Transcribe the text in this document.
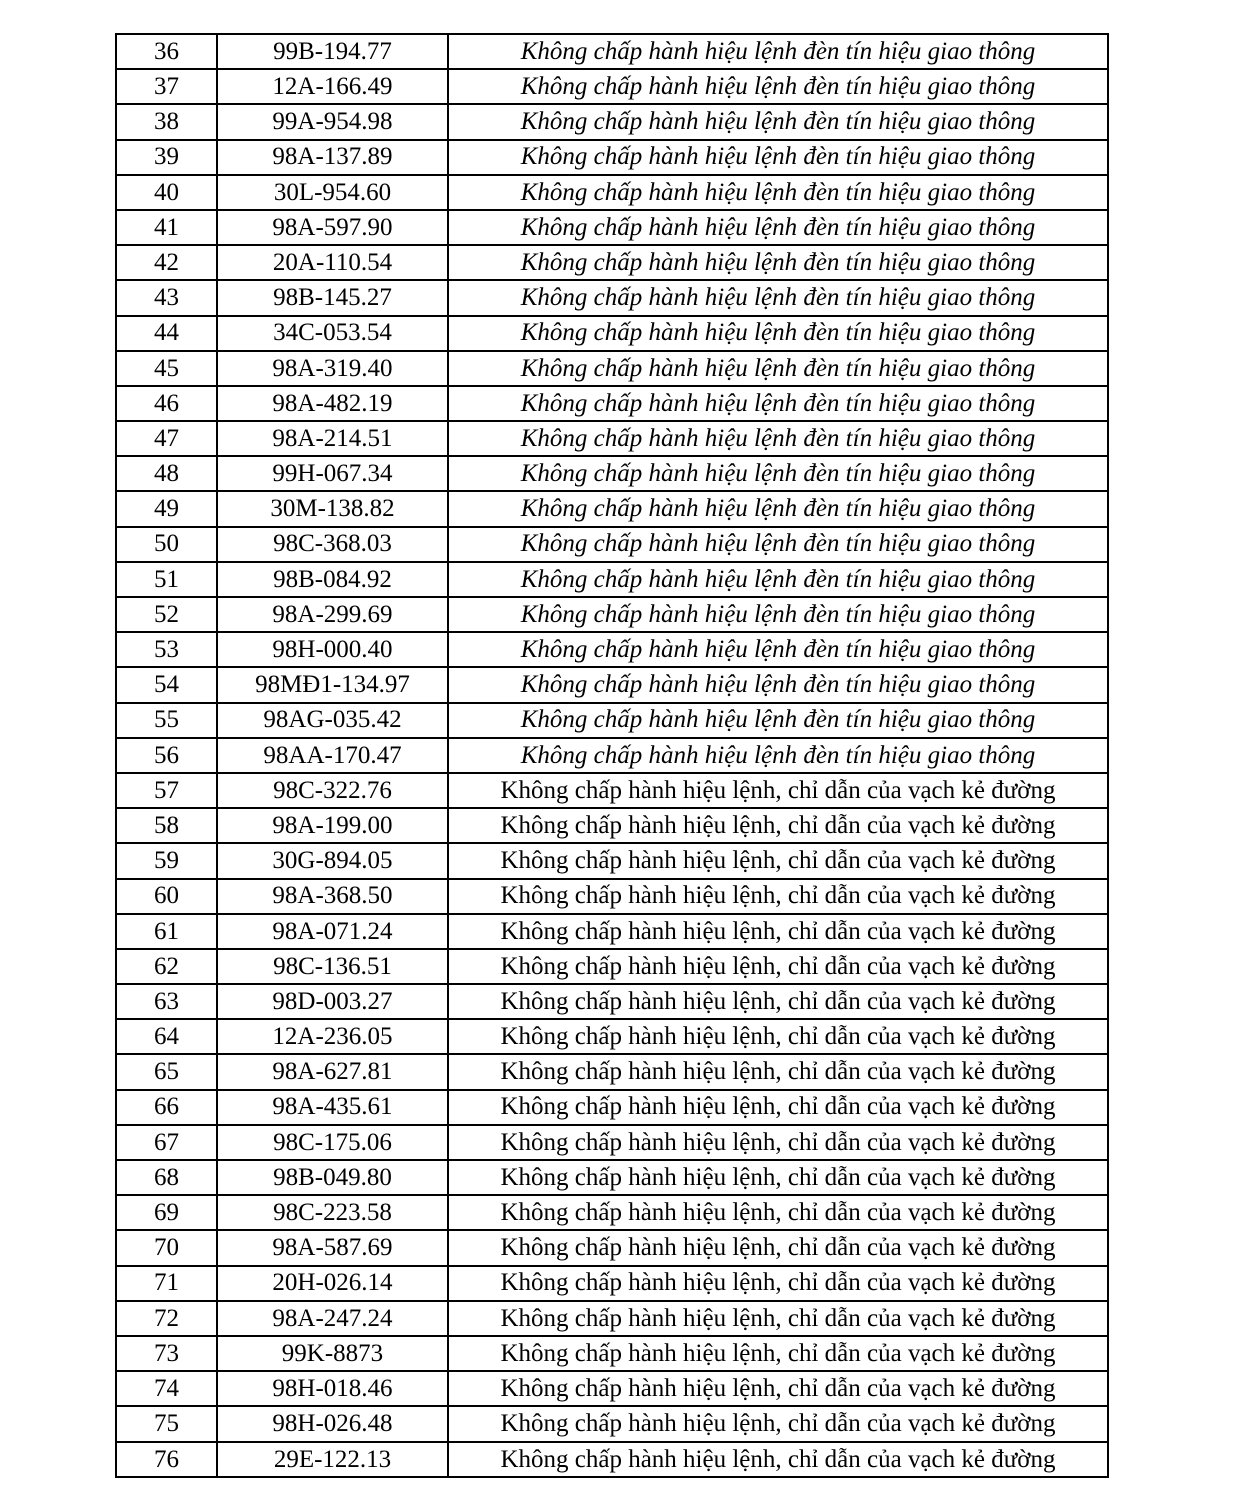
36	99B-194.77	Không chấp hành hiệu lệnh đèn tín hiệu giao thông
37	12A-166.49	Không chấp hành hiệu lệnh đèn tín hiệu giao thông
38	99A-954.98	Không chấp hành hiệu lệnh đèn tín hiệu giao thông
39	98A-137.89	Không chấp hành hiệu lệnh đèn tín hiệu giao thông
40	30L-954.60	Không chấp hành hiệu lệnh đèn tín hiệu giao thông
41	98A-597.90	Không chấp hành hiệu lệnh đèn tín hiệu giao thông
42	20A-110.54	Không chấp hành hiệu lệnh đèn tín hiệu giao thông
43	98B-145.27	Không chấp hành hiệu lệnh đèn tín hiệu giao thông
44	34C-053.54	Không chấp hành hiệu lệnh đèn tín hiệu giao thông
45	98A-319.40	Không chấp hành hiệu lệnh đèn tín hiệu giao thông
46	98A-482.19	Không chấp hành hiệu lệnh đèn tín hiệu giao thông
47	98A-214.51	Không chấp hành hiệu lệnh đèn tín hiệu giao thông
48	99H-067.34	Không chấp hành hiệu lệnh đèn tín hiệu giao thông
49	30M-138.82	Không chấp hành hiệu lệnh đèn tín hiệu giao thông
50	98C-368.03	Không chấp hành hiệu lệnh đèn tín hiệu giao thông
51	98B-084.92	Không chấp hành hiệu lệnh đèn tín hiệu giao thông
52	98A-299.69	Không chấp hành hiệu lệnh đèn tín hiệu giao thông
53	98H-000.40	Không chấp hành hiệu lệnh đèn tín hiệu giao thông
54	98MĐ1-134.97	Không chấp hành hiệu lệnh đèn tín hiệu giao thông
55	98AG-035.42	Không chấp hành hiệu lệnh đèn tín hiệu giao thông
56	98AA-170.47	Không chấp hành hiệu lệnh đèn tín hiệu giao thông
57	98C-322.76	Không chấp hành hiệu lệnh, chỉ dẫn của vạch kẻ đường
58	98A-199.00	Không chấp hành hiệu lệnh, chỉ dẫn của vạch kẻ đường
59	30G-894.05	Không chấp hành hiệu lệnh, chỉ dẫn của vạch kẻ đường
60	98A-368.50	Không chấp hành hiệu lệnh, chỉ dẫn của vạch kẻ đường
61	98A-071.24	Không chấp hành hiệu lệnh, chỉ dẫn của vạch kẻ đường
62	98C-136.51	Không chấp hành hiệu lệnh, chỉ dẫn của vạch kẻ đường
63	98D-003.27	Không chấp hành hiệu lệnh, chỉ dẫn của vạch kẻ đường
64	12A-236.05	Không chấp hành hiệu lệnh, chỉ dẫn của vạch kẻ đường
65	98A-627.81	Không chấp hành hiệu lệnh, chỉ dẫn của vạch kẻ đường
66	98A-435.61	Không chấp hành hiệu lệnh, chỉ dẫn của vạch kẻ đường
67	98C-175.06	Không chấp hành hiệu lệnh, chỉ dẫn của vạch kẻ đường
68	98B-049.80	Không chấp hành hiệu lệnh, chỉ dẫn của vạch kẻ đường
69	98C-223.58	Không chấp hành hiệu lệnh, chỉ dẫn của vạch kẻ đường
70	98A-587.69	Không chấp hành hiệu lệnh, chỉ dẫn của vạch kẻ đường
71	20H-026.14	Không chấp hành hiệu lệnh, chỉ dẫn của vạch kẻ đường
72	98A-247.24	Không chấp hành hiệu lệnh, chỉ dẫn của vạch kẻ đường
73	99K-8873	Không chấp hành hiệu lệnh, chỉ dẫn của vạch kẻ đường
74	98H-018.46	Không chấp hành hiệu lệnh, chỉ dẫn của vạch kẻ đường
75	98H-026.48	Không chấp hành hiệu lệnh, chỉ dẫn của vạch kẻ đường
76	29E-122.13	Không chấp hành hiệu lệnh, chỉ dẫn của vạch kẻ đường
